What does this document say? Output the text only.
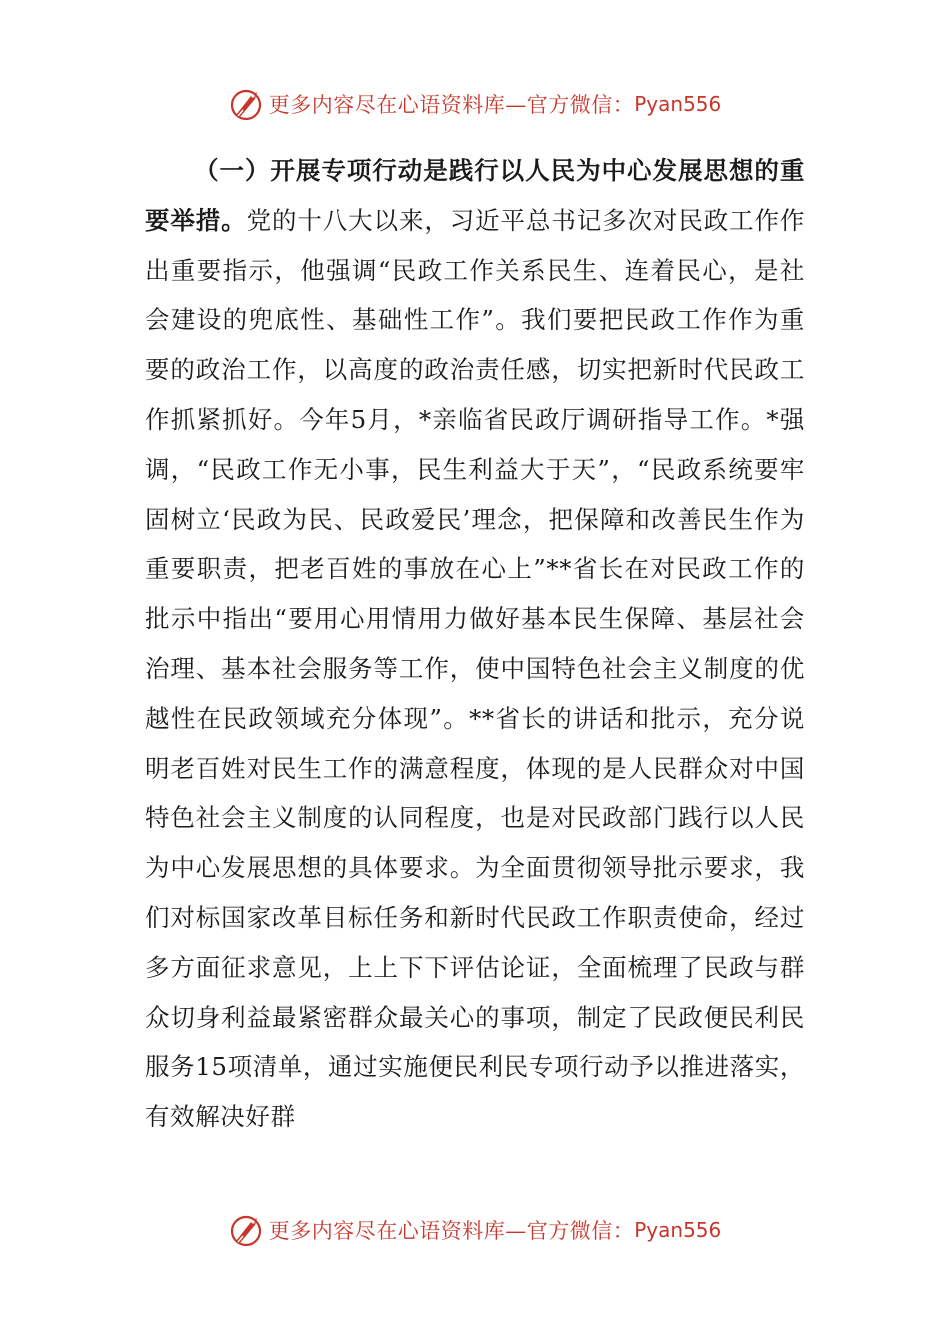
更多内容尽在心语资料库—官方微信： Pyan556

（一）开展专项行动是践行以人民为中心发展思想的重要举措。党的十八大以来，习近平总书记多次对民政工作作出重要指示，他强调“民政工作关系民生、连着民心，是社会建设的兜底性、基础性工作”。我们要把民政工作作为重要的政治工作，以高度的政治责任感，切实把新时代民政工作抓紧抓好。今年5月，*亲临省民政厅调研指导工作。*强调，“民政工作无小事，民生利益大于天”，“民政系统要牢固树立‘民政为民、民政爱民’理念，把保障和改善民生作为重要职责，把老百姓的事放在心上”**省长在对民政工作的批示中指出“要用心用情用力做好基本民生保障、基层社会治理、基本社会服务等工作，使中国特色社会主义制度的优越性在民政领域充分体现”。**省长的讲话和批示，充分说明老百姓对民生工作的满意程度，体现的是人民群众对中国特色社会主义制度的认同程度，也是对民政部门践行以人民为中心发展思想的具体要求。为全面贯彻领导批示要求，我们对标国家改革目标任务和新时代民政工作职责使命，经过多方面征求意见，上上下下评估论证，全面梳理了民政与群众切身利益最紧密群众最关心的事项，制定了民政便民利民服务15项清单，通过实施便民利民专项行动予以推进落实，有效解决好群

更多内容尽在心语资料库—官方微信： Pyan556
